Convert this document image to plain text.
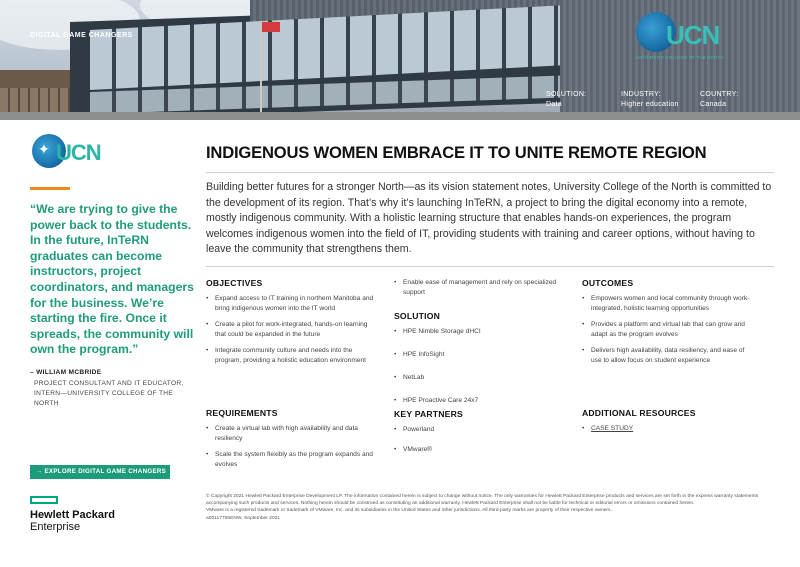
DIGITAL GAME CHANGERS	UCN
UNIVERSITY COLLEGE OF THE NORTH
SOLUTION:
Data
INDUSTRY:
Higher education
COUNTRY:
Canada
✦ UCN
“We are trying to give the power back to the students. In the future, InTeRN graduates can become instructors, project coordinators, and managers for the business. We’re starting the fire. Once it spreads, the community will own the program.”
– WILLIAM MCBRIDE
PROJECT CONSULTANT AND IT EDUCATOR, INTERN—UNIVERSITY COLLEGE OF THE NORTH
→ EXPLORE DIGITAL GAME CHANGERS
Hewlett Packard
Enterprise
INDIGENOUS WOMEN EMBRACE IT TO UNITE REMOTE REGION
Building better futures for a stronger North—as its vision statement notes, University College of the North is committed to the development of its region. That’s why it’s launching InTeRN, a project to bring the digital economy into a remote, mostly indigenous community. With a holistic learning structure that enables hands-on experiences, the program welcomes indigenous women into the field of IT, providing students with training and career options, without having to leave the community that strengthens them.
OBJECTIVES
• Expand access to IT training in northern Manitoba and bring indigenous women into the IT world
• Create a pilot for work-integrated, hands-on learning that could be expanded in the future
• Integrate community culture and needs into the program, providing a holistic education environment
REQUIREMENTS
• Create a virtual lab with high availability and data resiliency
• Scale the system flexibly as the program expands and evolves
• Enable ease of management and rely on specialized support
SOLUTION
• HPE Nimble Storage dHCI
• HPE InfoSight
• NetLab
• HPE Proactive Care 24x7
KEY PARTNERS
• Powerland
• VMware®
OUTCOMES
• Empowers women and local community through work-integrated, holistic learning opportunities
• Provides a platform and virtual lab that can grow and adapt as the program evolves
• Delivers high availability, data resiliency, and ease of use to allow focus on student experience
ADDITIONAL RESOURCES
• CASE STUDY
© Copyright 2021 Hewlett Packard Enterprise Development LP. The information contained herein is subject to change without notice. The only warranties for Hewlett Packard Enterprise products and services are set forth in the express warranty statements accompanying such products and services. Nothing herein should be construed as constituting an additional warranty. Hewlett Packard Enterprise shall not be liable for technical or editorial errors or omissions contained herein.
VMware is a registered trademark or trademark of VMware, Inc. and its subsidiaries in the United States and other jurisdictions. All third-party marks are property of their respective owners.
a00117766ENW, September 2021
